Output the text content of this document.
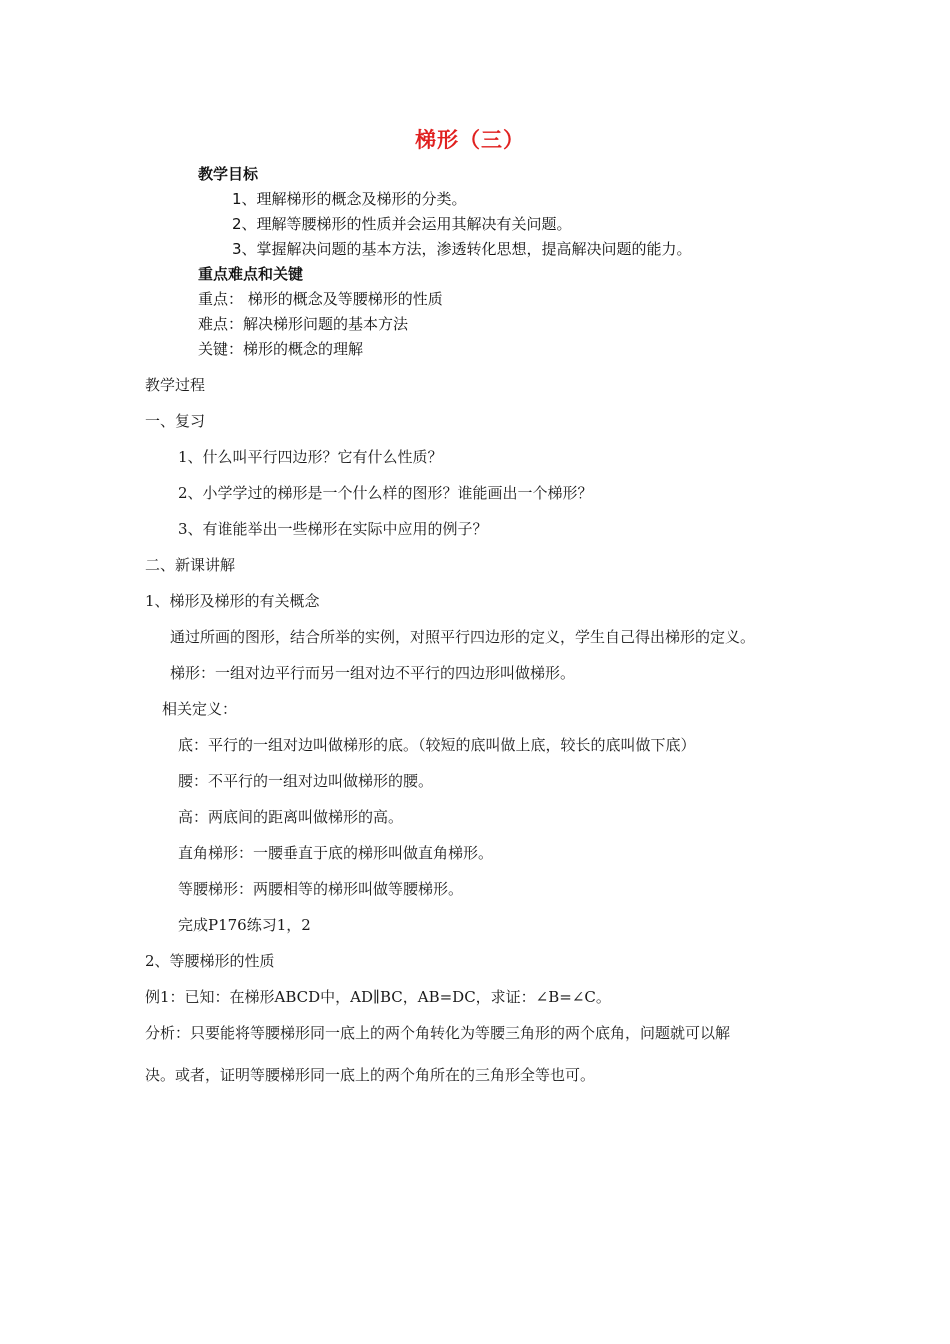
梯形（三）
教学目标
1、理解梯形的概念及梯形的分类。
2、理解等腰梯形的性质并会运用其解决有关问题。
3、掌握解决问题的基本方法，渗透转化思想，提高解决问题的能力。
重点难点和关键
重点： 梯形的概念及等腰梯形的性质
难点：解决梯形问题的基本方法
关键：梯形的概念的理解
教学过程
一、复习
1、什么叫平行四边形？它有什么性质？
2、小学学过的梯形是一个什么样的图形？谁能画出一个梯形？
3、有谁能举出一些梯形在实际中应用的例子？
二、新课讲解
1、梯形及梯形的有关概念
通过所画的图形，结合所举的实例，对照平行四边形的定义，学生自己得出梯形的定义。
梯形：一组对边平行而另一组对边不平行的四边形叫做梯形。
相关定义：
底：平行的一组对边叫做梯形的底。（较短的底叫做上底，较长的底叫做下底）
腰：不平行的一组对边叫做梯形的腰。
高：两底间的距离叫做梯形的高。
直角梯形：一腰垂直于底的梯形叫做直角梯形。
等腰梯形：两腰相等的梯形叫做等腰梯形。
完成P176练习1，2
2、等腰梯形的性质
例1：已知：在梯形ABCD中，AD∥BC，AB=DC，求证：∠B=∠C。
分析：只要能将等腰梯形同一底上的两个角转化为等腰三角形的两个底角，问题就可以解
决。或者，证明等腰梯形同一底上的两个角所在的三角形全等也可。
